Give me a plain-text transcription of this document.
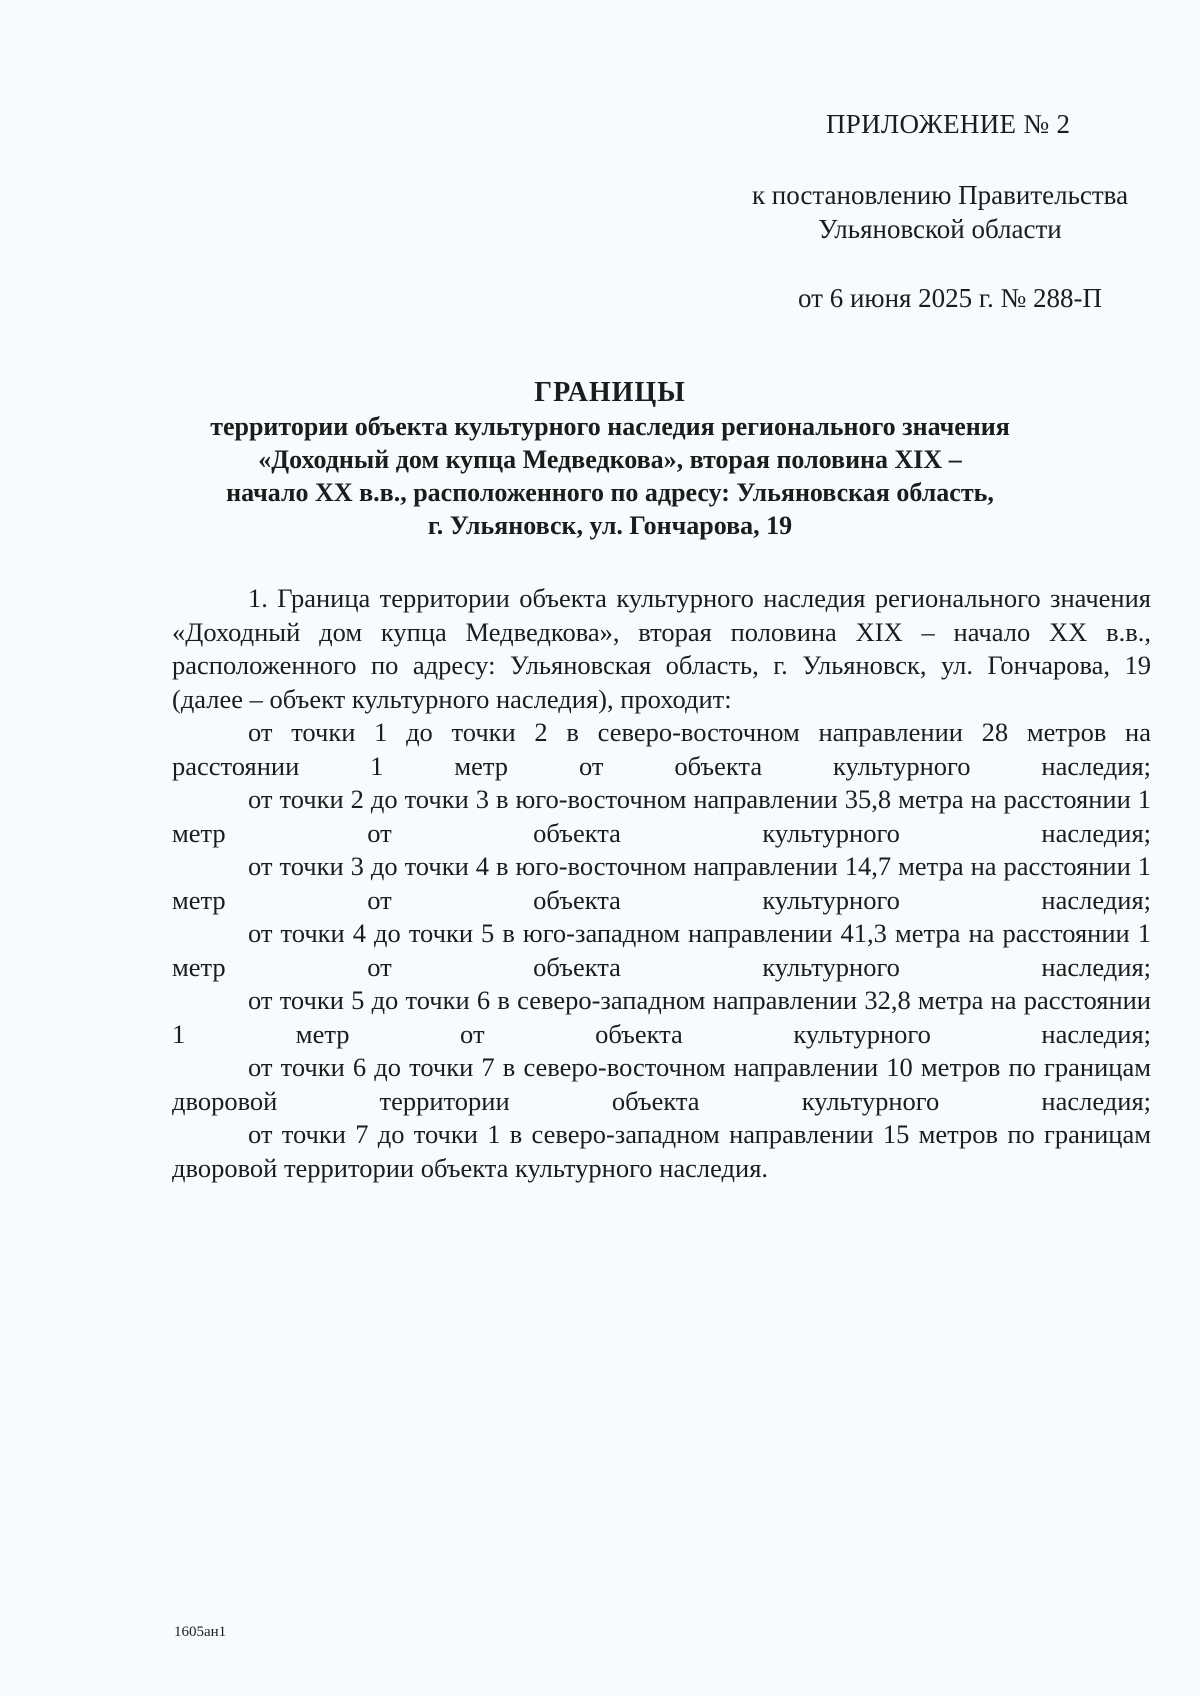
ПРИЛОЖЕНИЕ № 2
к постановлению Правительства
Ульяновской области
от 6 июня 2025 г. № 288-П
ГРАНИЦЫ
территории объекта культурного наследия регионального значения
«Доходный дом купца Медведкова», вторая половина XIX –
начало XX в.в., расположенного по адресу: Ульяновская область,
г. Ульяновск, ул. Гончарова, 19

1. Граница территории объекта культурного наследия регионального значения «Доходный дом купца Медведкова», вторая половина XIX – начало XX в.в., расположенного по адресу: Ульяновская область, г. Ульяновск, ул. Гончарова, 19 (далее – объект культурного наследия), проходит:

от точки 1 до точки 2 в северо-восточном направлении 28 метров на расстоянии 1 метр от объекта культурного наследия;

от точки 2 до точки 3 в юго-восточном направлении 35,8 метра на расстоянии 1 метр от объекта культурного наследия;

от точки 3 до точки 4 в юго-восточном направлении 14,7 метра на расстоянии 1 метр от объекта культурного наследия;

от точки 4 до точки 5 в юго-западном направлении 41,3 метра на расстоянии 1 метр от объекта культурного наследия;

от точки 5 до точки 6 в северо-западном направлении 32,8 метра на расстоянии 1 метр от объекта культурного наследия;

от точки 6 до точки 7 в северо-восточном направлении 10 метров по границам дворовой территории объекта культурного наследия;

от точки 7 до точки 1 в северо-западном направлении 15 метров по границам дворовой территории объекта культурного наследия.

1605ан1
